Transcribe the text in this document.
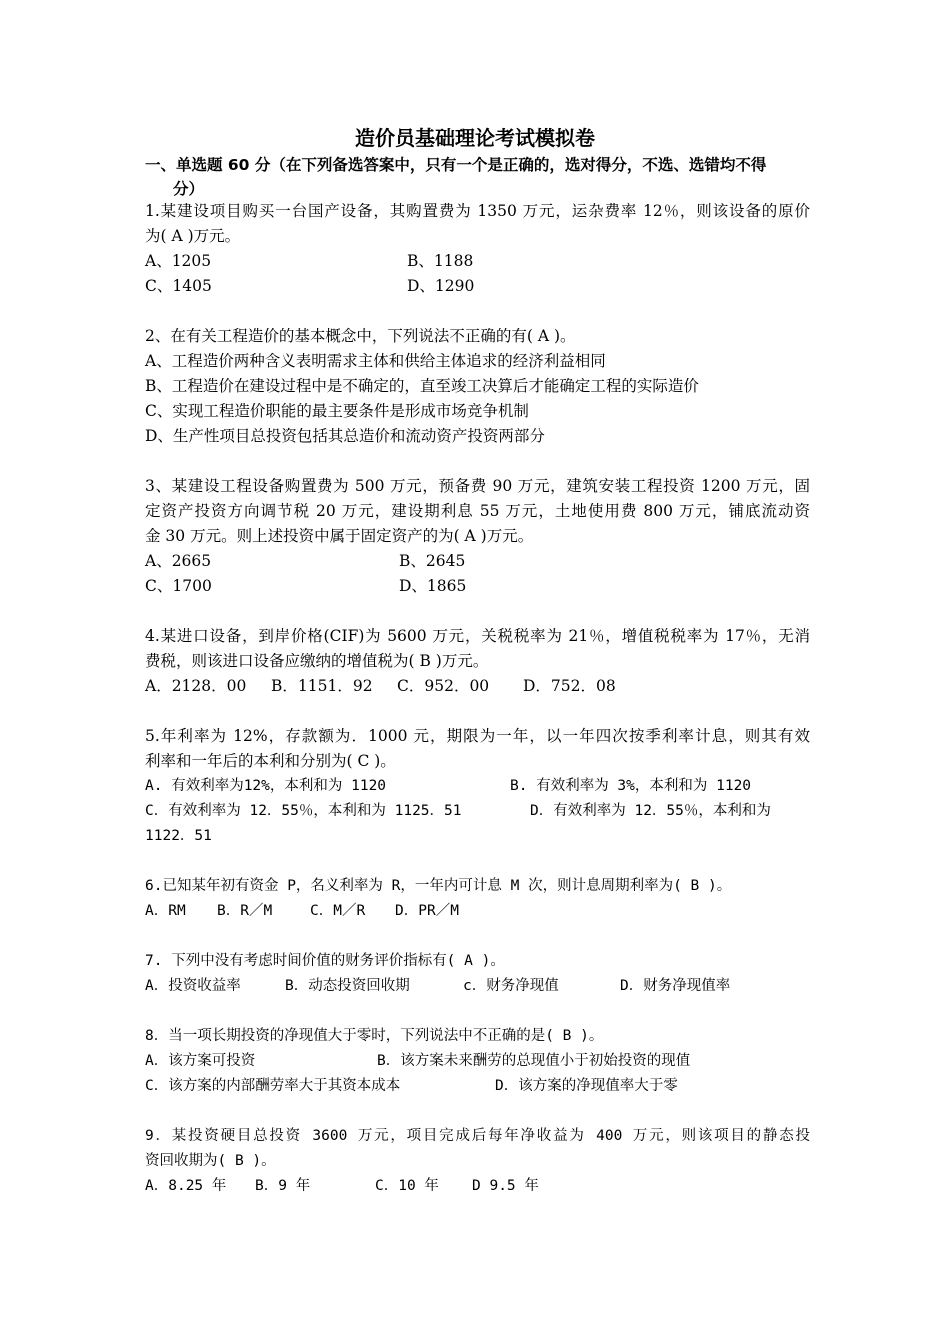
造价员基础理论考试模拟卷
一、单选题 60 分（在下列备选答案中，只有一个是正确的，选对得分，不选、选错均不得
分）
1.某建设项目购买一台国产设备，其购置费为 1350 万元，运杂费率 12％，则该设备的原价
为( A )万元。
A、1205	B、1188
C、1405	D、1290
2、在有关工程造价的基本概念中，下列说法不正确的有( A )。
A、工程造价两种含义表明需求主体和供给主体追求的经济利益相同
B、工程造价在建设过程中是不确定的，直至竣工决算后才能确定工程的实际造价
C、实现工程造价职能的最主要条件是形成市场竞争机制
D、生产性项目总投资包括其总造价和流动资产投资两部分
3、某建设工程设备购置费为 500 万元，预备费 90 万元，建筑安装工程投资 1200 万元，固
定资产投资方向调节税 20 万元，建设期利息 55 万元，土地使用费 800 万元，铺底流动资
金 30 万元。则上述投资中属于固定资产的为( A )万元。
A、2665	B、2645
C、1700	D、1865
4.某进口设备，到岸价格(CIF)为 5600 万元，关税税率为 21％，增值税税率为 17％，无消
费税，则该进口设备应缴纳的增值税为( B )万元。
A．2128．00 B．1151．92 C．952．00 D．752．08
5.年利率为 12%，存款额为．1000 元，期限为一年，以一年四次按季利率计息，则其有效
利率和一年后的本利和分别为( C )。
A. 有效利率为12%，本利和为 1120	B. 有效利率为 3%，本利和为 1120
C．有效利率为 12．55％，本利和为 1125．51	D．有效利率为 12．55％，本利和为
1122．51
6.已知某年初有资金 P，名义利率为 R，一年内可计息 M 次，则计息周期利率为( B )。
A．RM B．R／M	C．M／R D．PR／M
7. 下列中没有考虑时间价值的财务评价指标有( A )。
A．投资收益率	B．动态投资回收期	c．财务净现值	D．财务净现值率
8．当一项长期投资的净现值大于零时，下列说法中不正确的是( B )。
A．该方案可投资	B．该方案未来酬劳的总现值小于初始投资的现值
C．该方案的内部酬劳率大于其资本成本	D．该方案的净现值率大于零
9．某投资硬目总投资 3600 万元，项目完成后每年净收益为 400 万元，则该项目的静态投
资回收期为( B )。
A．8.25 年 B．9 年	C．10 年 D 9.5 年
